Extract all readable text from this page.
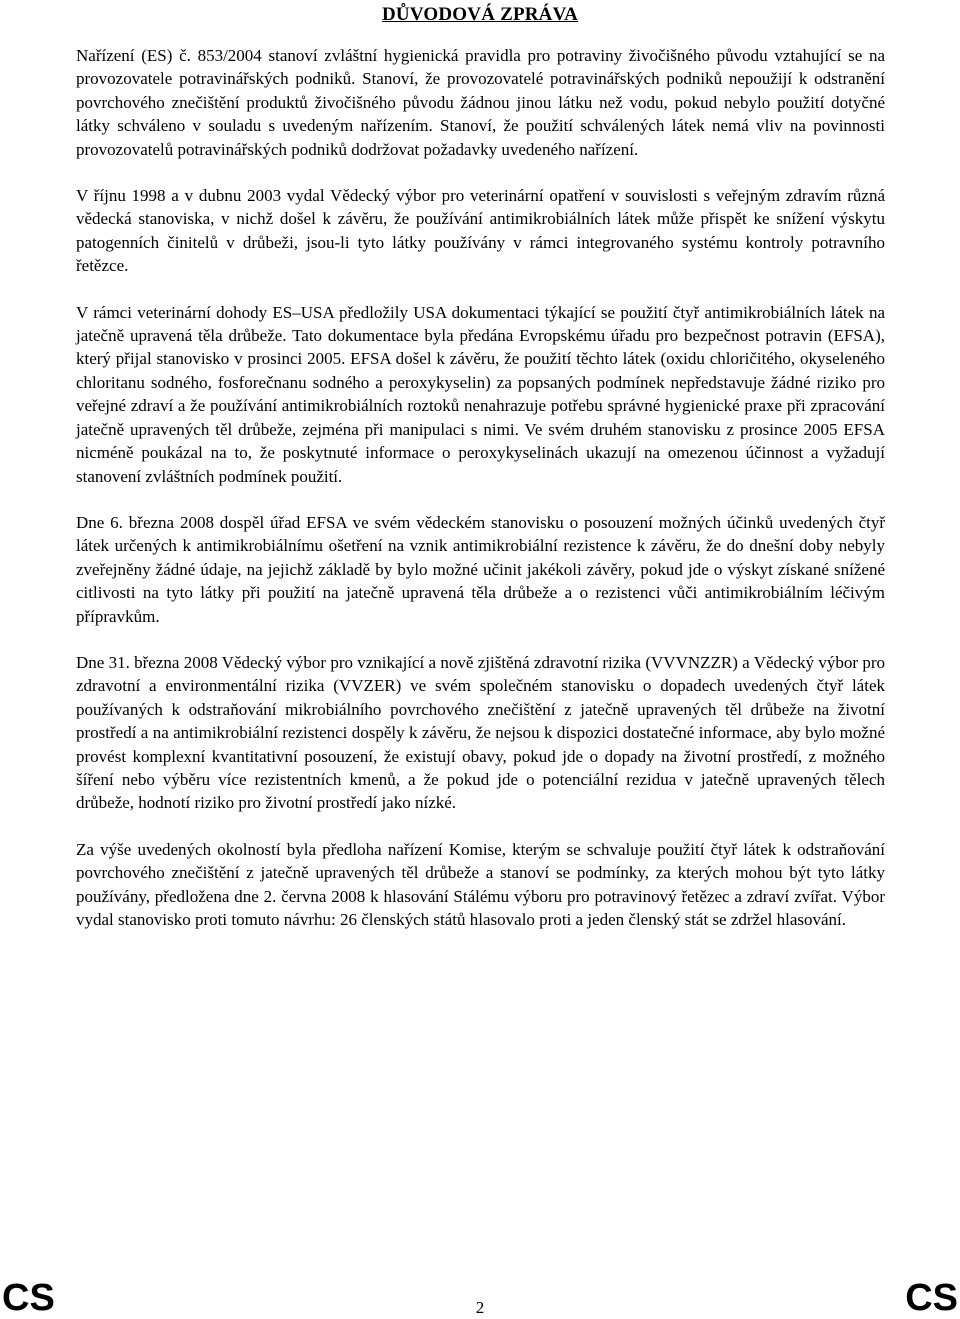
DŮVODOVÁ ZPRÁVA

Nařízení (ES) č. 853/2004 stanoví zvláštní hygienická pravidla pro potraviny živočišného původu vztahující se na provozovatele potravinářských podniků. Stanoví, že provozovatelé potravinářských podniků nepoužijí k odstranění povrchového znečištění produktů živočišného původu žádnou jinou látku než vodu, pokud nebylo použití dotyčné látky schváleno v souladu s uvedeným nařízením. Stanoví, že použití schválených látek nemá vliv na povinnosti provozovatelů potravinářských podniků dodržovat požadavky uvedeného nařízení.

V říjnu 1998 a v dubnu 2003 vydal Vědecký výbor pro veterinární opatření v souvislosti s veřejným zdravím různá vědecká stanoviska, v nichž došel k závěru, že používání antimikrobiálních látek může přispět ke snížení výskytu patogenních činitelů v drůbeži, jsou-li tyto látky používány v rámci integrovaného systému kontroly potravního řetězce.

V rámci veterinární dohody ES–USA předložily USA dokumentaci týkající se použití čtyř antimikrobiálních látek na jatečně upravená těla drůbeže. Tato dokumentace byla předána Evropskému úřadu pro bezpečnost potravin (EFSA), který přijal stanovisko v prosinci 2005. EFSA došel k závěru, že použití těchto látek (oxidu chloričitého, okyseleného chloritanu sodného, fosforečnanu sodného a peroxykyselin) za popsaných podmínek nepředstavuje žádné riziko pro veřejné zdraví a že používání antimikrobiálních roztoků nenahrazuje potřebu správné hygienické praxe při zpracování jatečně upravených těl drůbeže, zejména při manipulaci s nimi. Ve svém druhém stanovisku z prosince 2005 EFSA nicméně poukázal na to, že poskytnuté informace o peroxykyselinách ukazují na omezenou účinnost a vyžadují stanovení zvláštních podmínek použití.

Dne 6. března 2008 dospěl úřad EFSA ve svém vědeckém stanovisku o posouzení možných účinků uvedených čtyř látek určených k antimikrobiálnímu ošetření na vznik antimikrobiální rezistence k závěru, že do dnešní doby nebyly zveřejněny žádné údaje, na jejichž základě by bylo možné učinit jakékoli závěry, pokud jde o výskyt získané snížené citlivosti na tyto látky při použití na jatečně upravená těla drůbeže a o rezistenci vůči antimikrobiálním léčivým přípravkům.

Dne 31. března 2008 Vědecký výbor pro vznikající a nově zjištěná zdravotní rizika (VVVNZZR) a Vědecký výbor pro zdravotní a environmentální rizika (VVZER) ve svém společném stanovisku o dopadech uvedených čtyř látek používaných k odstraňování mikrobiálního povrchového znečištění z jatečně upravených těl drůbeže na životní prostředí a na antimikrobiální rezistenci dospěly k závěru, že nejsou k dispozici dostatečné informace, aby bylo možné provést komplexní kvantitativní posouzení, že existují obavy, pokud jde o dopady na životní prostředí, z možného šíření nebo výběru více rezistentních kmenů, a že pokud jde o potenciální rezidua v jatečně upravených tělech drůbeže, hodnotí riziko pro životní prostředí jako nízké.

Za výše uvedených okolností byla předloha nařízení Komise, kterým se schvaluje použití čtyř látek k odstraňování povrchového znečištění z jatečně upravených těl drůbeže a stanoví se podmínky, za kterých mohou být tyto látky používány, předložena dne 2. června 2008 k hlasování Stálému výboru pro potravinový řetězec a zdraví zvířat. Výbor vydal stanovisko proti tomuto návrhu: 26 členských států hlasovalo proti a jeden členský stát se zdržel hlasování.

CS	2	CS
